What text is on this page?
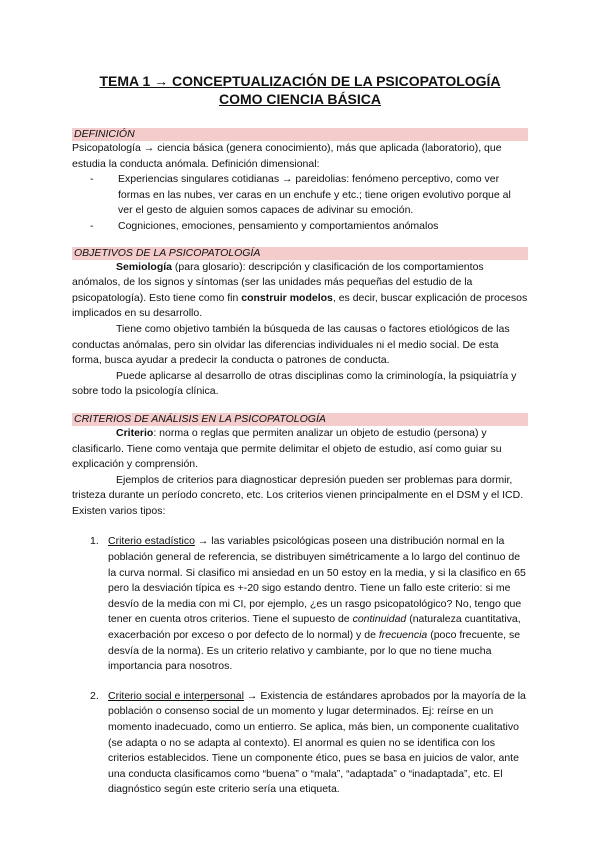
TEMA 1 → CONCEPTUALIZACIÓN DE LA PSICOPATOLOGÍA
COMO CIENCIA BÁSICA
DEFINICIÓN

Psicopatología → ciencia básica (genera conocimiento), más que aplicada (laboratorio), que estudia la conducta anómala. Definición dimensional:

- Experiencias singulares cotidianas → pareidolias: fenómeno perceptivo, como ver formas en las nubes, ver caras en un enchufe y etc.; tiene origen evolutivo porque al ver el gesto de alguien somos capaces de adivinar su emoción.
- Cogniciones, emociones, pensamiento y comportamientos anómalos
OBJETIVOS DE LA PSICOPATOLOGÍA

Semiología (para glosario): descripción y clasificación de los comportamientos anómalos, de los signos y síntomas (ser las unidades más pequeñas del estudio de la psicopatología). Esto tiene como fin construir modelos, es decir, buscar explicación de procesos implicados en su desarrollo.

Tiene como objetivo también la búsqueda de las causas o factores etiológicos de las conductas anómalas, pero sin olvidar las diferencias individuales ni el medio social. De esta forma, busca ayudar a predecir la conducta o patrones de conducta.

Puede aplicarse al desarrollo de otras disciplinas como la criminología, la psiquiatría y sobre todo la psicología clínica.

CRITERIOS DE ANÁLISIS EN LA PSICOPATOLOGÍA

Criterio: norma o reglas que permiten analizar un objeto de estudio (persona) y clasificarlo. Tiene como ventaja que permite delimitar el objeto de estudio, así como guiar su explicación y comprensión.

Ejemplos de criterios para diagnosticar depresión pueden ser problemas para dormir, tristeza durante un período concreto, etc. Los criterios vienen principalmente en el DSM y el ICD. Existen varios tipos:

1. Criterio estadístico → las variables psicológicas poseen una distribución normal en la población general de referencia, se distribuyen simétricamente a lo largo del continuo de la curva normal. Si clasifico mi ansiedad en un 50 estoy en la media, y si la clasifico en 65 pero la desviación típica es +-20 sigo estando dentro. Tiene un fallo este criterio: si me desvío de la media con mi CI, por ejemplo, ¿es un rasgo psicopatológico? No, tengo que tener en cuenta otros criterios. Tiene el supuesto de continuidad (naturaleza cuantitativa, exacerbación por exceso o por defecto de lo normal) y de frecuencia (poco frecuente, se desvía de la norma). Es un criterio relativo y cambiante, por lo que no tiene mucha importancia para nosotros.
2. Criterio social e interpersonal → Existencia de estándares aprobados por la mayoría de la población o consenso social de un momento y lugar determinados. Ej: reírse en un momento inadecuado, como un entierro. Se aplica, más bien, un componente cualitativo (se adapta o no se adapta al contexto). El anormal es quien no se identifica con los criterios establecidos. Tiene un componente ético, pues se basa en juicios de valor, ante una conducta clasificamos como “buena” o “mala”, “adaptada” o “inadaptada”, etc. El diagnóstico según este criterio sería una etiqueta.
